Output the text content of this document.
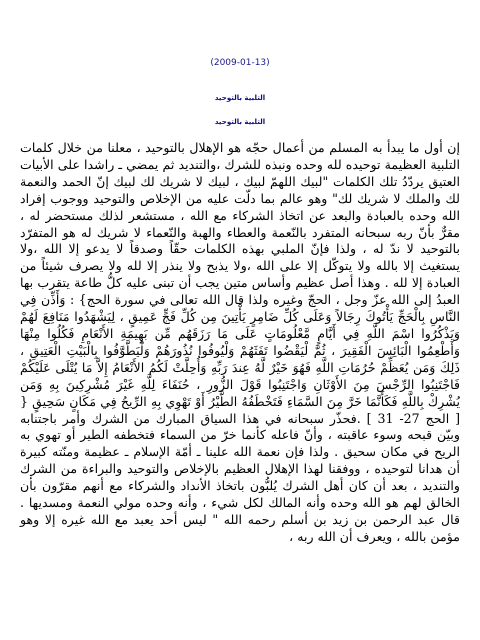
(2009-01-13)
التلبية بالتوحيد
التلبية بالتوحيد

إن أول ما يبدأ به المسلم من أعمال حجّه هو الإهلال بالتوحيد ، معلنا من خلال كلمات التلبية العظيمة توحيده لله وحده ونبذه للشرك ،والتنديد ثم يمضي ـ راشدا على الأبيات العتيق يردّدُ تلك الكلمات "لبيك اللهمّ لبيك ، لبيك لا شريك لك لبيك إنّ الحمد والنعمة لك والملك لا شريك لك" وهو عالم بما دلّت عليه من الإخلاص والتوحيد ووجوب إفراد الله وحده بالعبادة والبعد عن اتخاذ الشركاء مع الله ، مستشعر لذلك مستحضر له ، مقرٌّ بأنّ ربه سبحانه المتفرد بالنّعمة والعطاء والهبة والنّعماء لا شريك له هو المتفرّد بالتوحيد لا ندّ له ، ولذا فإنّ الملبي بهذه الكلمات حقّاً وصدقاً لا يدعو إلا الله ،ولا يستغيث إلا بالله ولا يتوكّل إلا على الله ،ولا يذبح ولا ينذر إلا لله ولا يصرف شيئاً من العبادة إلا لله . وهذا أصل عظيم وأساس متين يجب أن تبنى عليه كلُّ طاعة يتقرب بها العبدُ إلى الله عزّ وجل ، الحجّ وغيره ولذا قال الله تعالى في سورة الحج} : وَأَذِّن فِي النَّاسِ بِالْحَجِّ يَأْتُوكَ رِجَالاً وَعَلَى كُلِّ ضَامِرٍ يَأْتِينَ مِن كُلِّ فَجٍّ عَمِيقٍ ، لِيَشْهَدُوا مَنَافِعَ لَهُمْ وَيَذْكُرُوا اسْمَ اللَّهِ فِي أَيَّامٍ مَّعْلُومَاتٍ عَلَى مَا رَزَقَهُم مِّن بَهِيمَةِ الأَنْعَامِ فَكُلُوا مِنْهَا وَأَطْعِمُوا الْبَائِسَ الْفَقِيرَ ، ثُمَّ لْيَقْضُوا تَفَثَهُمْ وَلْيُوفُوا نُذُورَهُمْ وَلْيَطَّوَّفُوا بِالْبَيْتِ الْعَتِيقِ ، ذَلِكَ وَمَن يُعَظِّمْ حُرُمَاتِ اللَّهِ فَهُوَ خَيْرٌ لَّهُ عِندَ رَبِّهِ وَأُحِلَّتْ لَكُمُ الأَنْعَامُ إِلاَّ مَا يُتْلَى عَلَيْكُمْ فَاجْتَنِبُوا الرِّجْسَ مِنَ الأَوْثَانِ وَاجْتَنِبُوا قَوْلَ الزُّورِ ، حُنَفَاءَ لِلَّهِ غَيْرَ مُشْرِكِينَ بِهِ وَمَن يُشْرِكْ بِاللَّهِ فَكَأَنَّمَا خَرَّ مِنَ السَّمَاءِ فَتَخْطَفُهُ الطَّيْرُ أَوْ تَهْوِي بِهِ الرِّيحُ فِي مَكَانٍ سَحِيقٍ { [ الحج 27- 31 ] .فحذّر سبحانه في هذا السياق المبارك من الشرك وأمر باجتنابه وبيّن قبحه وسوء عاقبته ، وأنّ فاعله كأنما خرّ من السماء فتخطفه الطير أو تهوي به الريح في مكان سحيق . ولذا فإن نعمة الله علينا ـ أمّة الإسلام ـ عظيمة ومنّته كبيرة أن هدانا لتوحيده ، ووفقنا لهذا الإهلال العظيم بالإخلاص والتوحيد والبراءة من الشرك والتنديد ، بعد أن كان أهل الشرك يُلبُّون باتخاذ الأنداد والشركاء مع أنهم مقرّون بأن الخالق لهم هو الله وحده وأنه المالك لكل شيء ، وأنه وحده مولي النعمة ومسديها . قال عبد الرحمن بن زيد بن أسلم رحمه الله " ليس أحد يعبد مع الله غيره إلا وهو مؤمن بالله ، ويعرف أن الله ربه ،
